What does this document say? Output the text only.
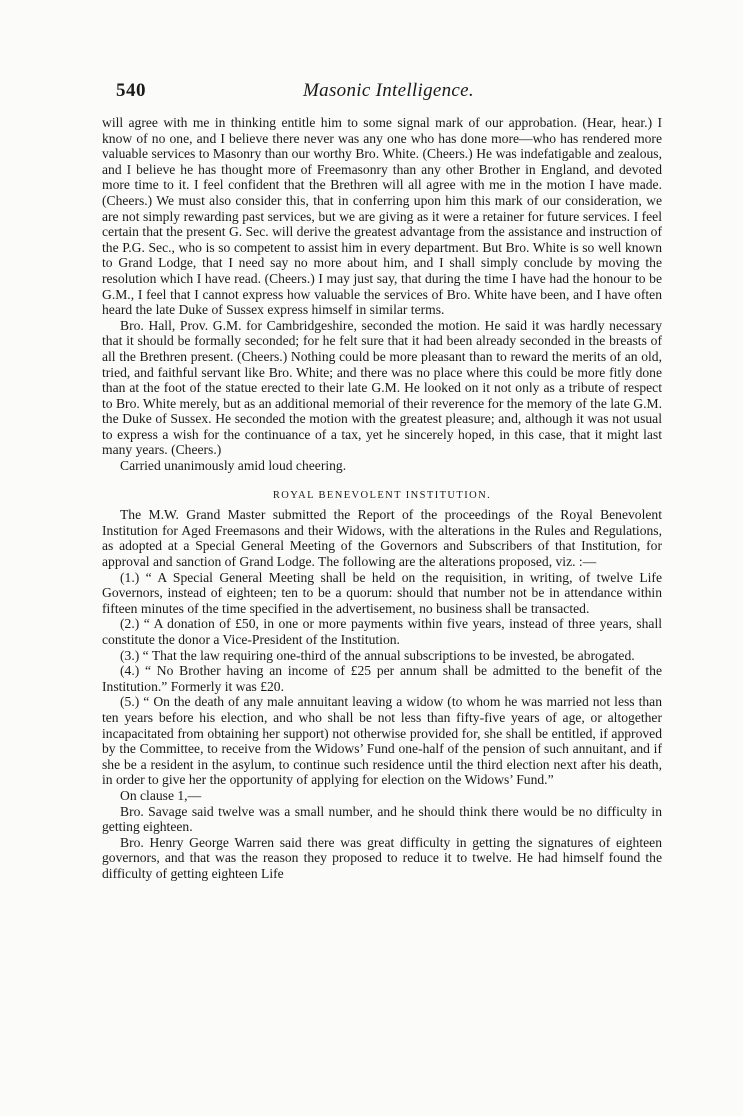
540	Masonic Intelligence.

will agree with me in thinking entitle him to some signal mark of our approbation. (Hear, hear.) I know of no one, and I believe there never was any one who has done more—who has rendered more valuable services to Masonry than our worthy Bro. White. (Cheers.) He was indefatigable and zealous, and I believe he has thought more of Freemasonry than any other Brother in England, and devoted more time to it. I feel confident that the Brethren will all agree with me in the motion I have made. (Cheers.) We must also consider this, that in conferring upon him this mark of our consideration, we are not simply rewarding past services, but we are giving as it were a retainer for future services. I feel certain that the present G. Sec. will derive the greatest advantage from the assistance and instruction of the P.G. Sec., who is so competent to assist him in every department. But Bro. White is so well known to Grand Lodge, that I need say no more about him, and I shall simply conclude by moving the resolution which I have read. (Cheers.) I may just say, that during the time I have had the honour to be G.M., I feel that I cannot express how valuable the services of Bro. White have been, and I have often heard the late Duke of Sussex express himself in similar terms.

Bro. Hall, Prov. G.M. for Cambridgeshire, seconded the motion. He said it was hardly necessary that it should be formally seconded; for he felt sure that it had been already seconded in the breasts of all the Brethren present. (Cheers.) Nothing could be more pleasant than to reward the merits of an old, tried, and faithful servant like Bro. White; and there was no place where this could be more fitly done than at the foot of the statue erected to their late G.M. He looked on it not only as a tribute of respect to Bro. White merely, but as an additional memorial of their reverence for the memory of the late G.M. the Duke of Sussex. He seconded the motion with the greatest pleasure; and, although it was not usual to express a wish for the continuance of a tax, yet he sincerely hoped, in this case, that it might last many years. (Cheers.)

Carried unanimously amid loud cheering.

ROYAL BENEVOLENT INSTITUTION.

The M.W. Grand Master submitted the Report of the proceedings of the Royal Benevolent Institution for Aged Freemasons and their Widows, with the alterations in the Rules and Regulations, as adopted at a Special General Meeting of the Governors and Subscribers of that Institution, for approval and sanction of Grand Lodge. The following are the alterations proposed, viz. :—

(1.) “ A Special General Meeting shall be held on the requisition, in writing, of twelve Life Governors, instead of eighteen; ten to be a quorum: should that number not be in attendance within fifteen minutes of the time specified in the advertisement, no business shall be transacted.

(2.) “ A donation of £50, in one or more payments within five years, instead of three years, shall constitute the donor a Vice-President of the Institution.

(3.) “ That the law requiring one-third of the annual subscriptions to be invested, be abrogated.

(4.) “ No Brother having an income of £25 per annum shall be admitted to the benefit of the Institution.” Formerly it was £20.

(5.) “ On the death of any male annuitant leaving a widow (to whom he was married not less than ten years before his election, and who shall be not less than fifty-five years of age, or altogether incapacitated from obtaining her support) not otherwise provided for, she shall be entitled, if approved by the Committee, to receive from the Widows’ Fund one-half of the pension of such annuitant, and if she be a resident in the asylum, to continue such residence until the third election next after his death, in order to give her the opportunity of applying for election on the Widows’ Fund.”

On clause 1,—

Bro. Savage said twelve was a small number, and he should think there would be no difficulty in getting eighteen.

Bro. Henry George Warren said there was great difficulty in getting the signatures of eighteen governors, and that was the reason they proposed to reduce it to twelve. He had himself found the difficulty of getting eighteen Life
